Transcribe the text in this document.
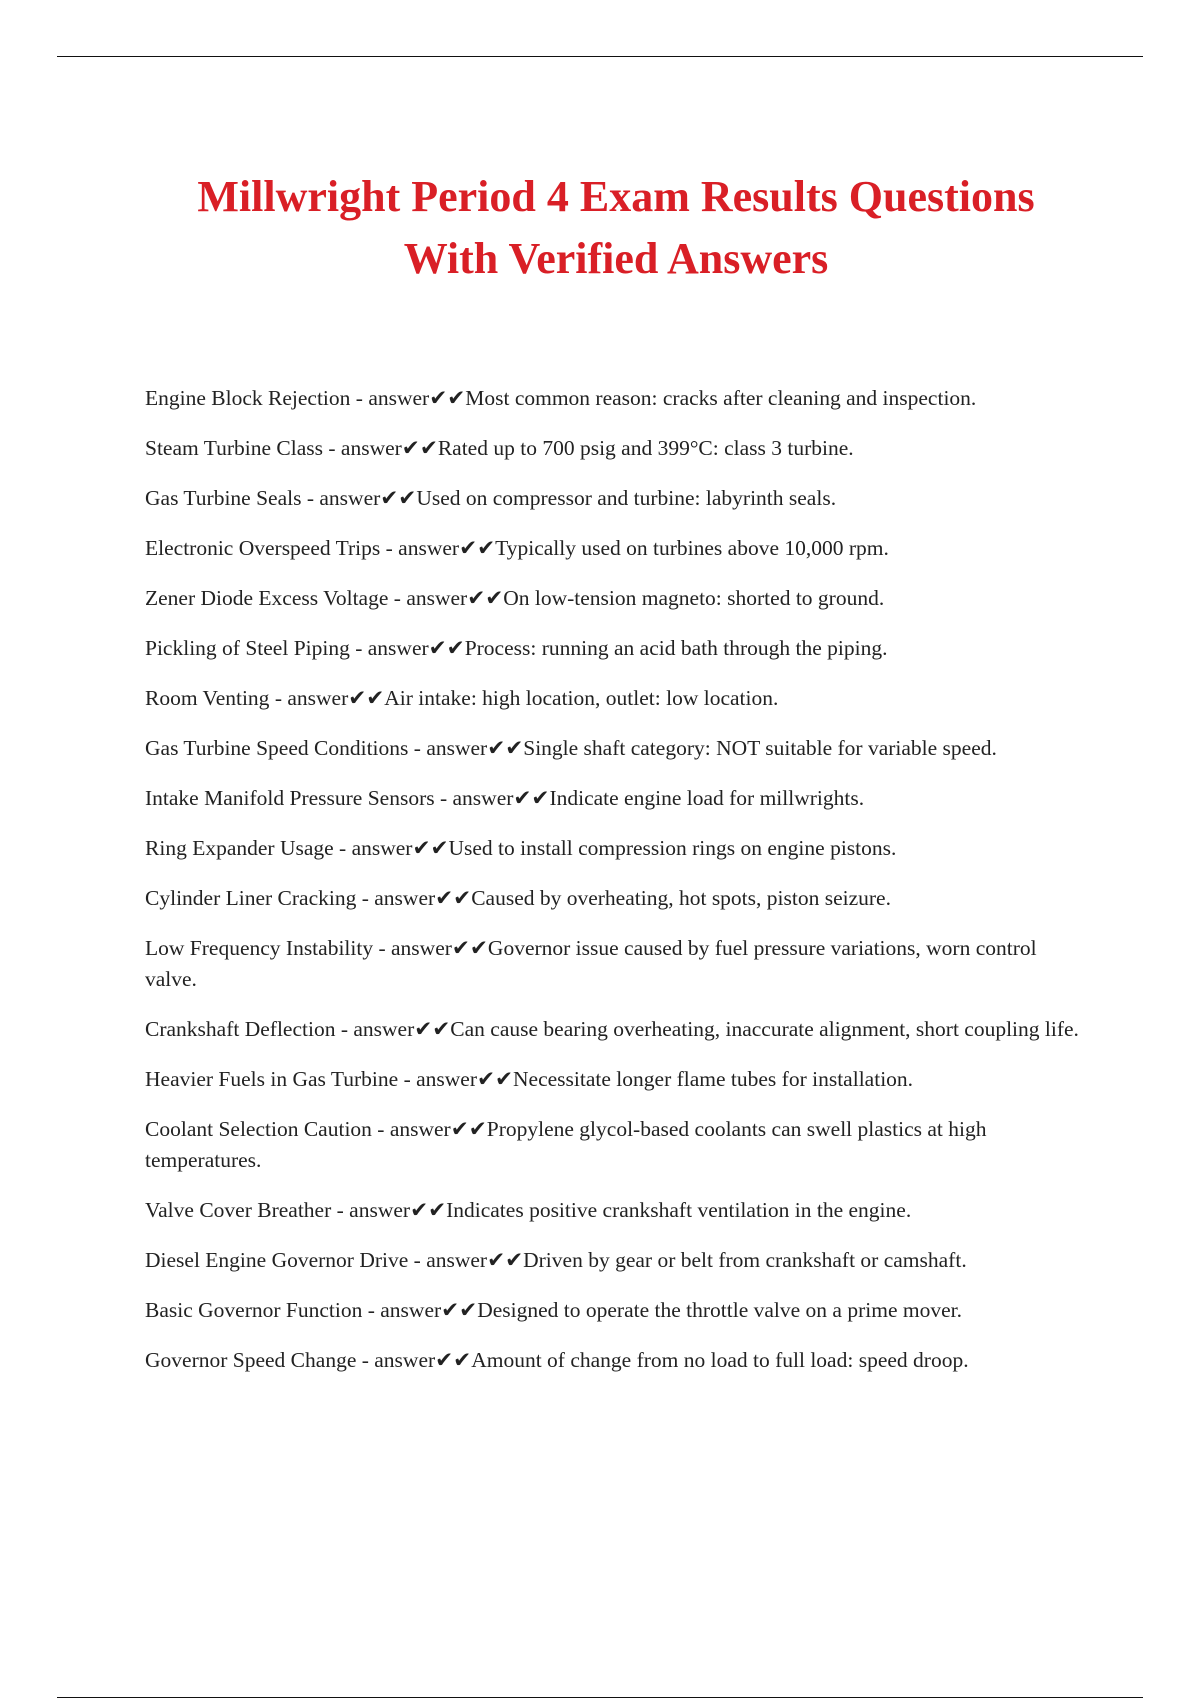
Millwright Period 4 Exam Results Questions
With Verified Answers
Engine Block Rejection - answer✔✔Most common reason: cracks after cleaning and inspection.
Steam Turbine Class - answer✔✔Rated up to 700 psig and 399°C: class 3 turbine.
Gas Turbine Seals - answer✔✔Used on compressor and turbine: labyrinth seals.
Electronic Overspeed Trips - answer✔✔Typically used on turbines above 10,000 rpm.
Zener Diode Excess Voltage - answer✔✔On low-tension magneto: shorted to ground.
Pickling of Steel Piping - answer✔✔Process: running an acid bath through the piping.
Room Venting - answer✔✔Air intake: high location, outlet: low location.
Gas Turbine Speed Conditions - answer✔✔Single shaft category: NOT suitable for variable speed.
Intake Manifold Pressure Sensors - answer✔✔Indicate engine load for millwrights.
Ring Expander Usage - answer✔✔Used to install compression rings on engine pistons.
Cylinder Liner Cracking - answer✔✔Caused by overheating, hot spots, piston seizure.
Low Frequency Instability - answer✔✔Governor issue caused by fuel pressure variations, worn control valve.
Crankshaft Deflection - answer✔✔Can cause bearing overheating, inaccurate alignment, short coupling life.
Heavier Fuels in Gas Turbine - answer✔✔Necessitate longer flame tubes for installation.
Coolant Selection Caution - answer✔✔Propylene glycol-based coolants can swell plastics at high temperatures.
Valve Cover Breather - answer✔✔Indicates positive crankshaft ventilation in the engine.
Diesel Engine Governor Drive - answer✔✔Driven by gear or belt from crankshaft or camshaft.
Basic Governor Function - answer✔✔Designed to operate the throttle valve on a prime mover.
Governor Speed Change - answer✔✔Amount of change from no load to full load: speed droop.
